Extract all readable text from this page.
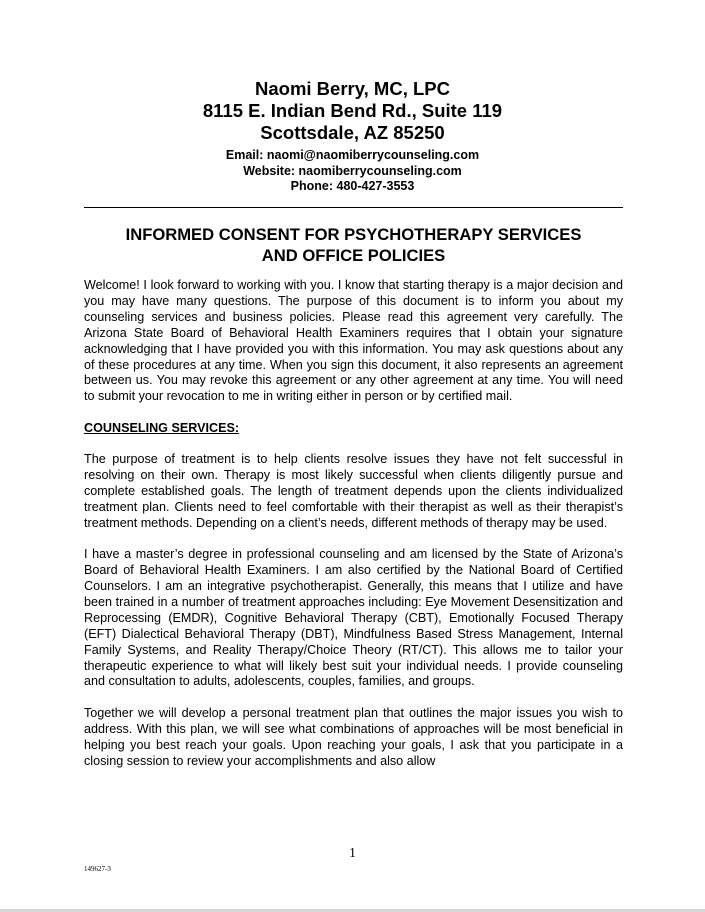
Naomi Berry, MC, LPC
8115 E. Indian Bend Rd., Suite 119
Scottsdale, AZ 85250
Email: naomi@naomiberrycounseling.com
Website: naomiberrycounseling.com
Phone: 480-427-3553
INFORMED CONSENT FOR PSYCHOTHERAPY SERVICES
AND OFFICE POLICIES

Welcome! I look forward to working with you. I know that starting therapy is a major decision and you may have many questions. The purpose of this document is to inform you about my counseling services and business policies. Please read this agreement very carefully. The Arizona State Board of Behavioral Health Examiners requires that I obtain your signature acknowledging that I have provided you with this information. You may ask questions about any of these procedures at any time. When you sign this document, it also represents an agreement between us. You may revoke this agreement or any other agreement at any time. You will need to submit your revocation to me in writing either in person or by certified mail.

COUNSELING SERVICES:

The purpose of treatment is to help clients resolve issues they have not felt successful in resolving on their own. Therapy is most likely successful when clients diligently pursue and complete established goals. The length of treatment depends upon the clients individualized treatment plan. Clients need to feel comfortable with their therapist as well as their therapist’s treatment methods. Depending on a client’s needs, different methods of therapy may be used.

I have a master’s degree in professional counseling and am licensed by the State of Arizona’s Board of Behavioral Health Examiners. I am also certified by the National Board of Certified Counselors. I am an integrative psychotherapist. Generally, this means that I utilize and have been trained in a number of treatment approaches including: Eye Movement Desensitization and Reprocessing (EMDR), Cognitive Behavioral Therapy (CBT), Emotionally Focused Therapy (EFT) Dialectical Behavioral Therapy (DBT), Mindfulness Based Stress Management, Internal Family Systems, and Reality Therapy/Choice Theory (RT/CT). This allows me to tailor your therapeutic experience to what will likely best suit your individual needs. I provide counseling and consultation to adults, adolescents, couples, families, and groups.

Together we will develop a personal treatment plan that outlines the major issues you wish to address. With this plan, we will see what combinations of approaches will be most beneficial in helping you best reach your goals. Upon reaching your goals, I ask that you participate in a closing session to review your accomplishments and also allow

1
149627-3
